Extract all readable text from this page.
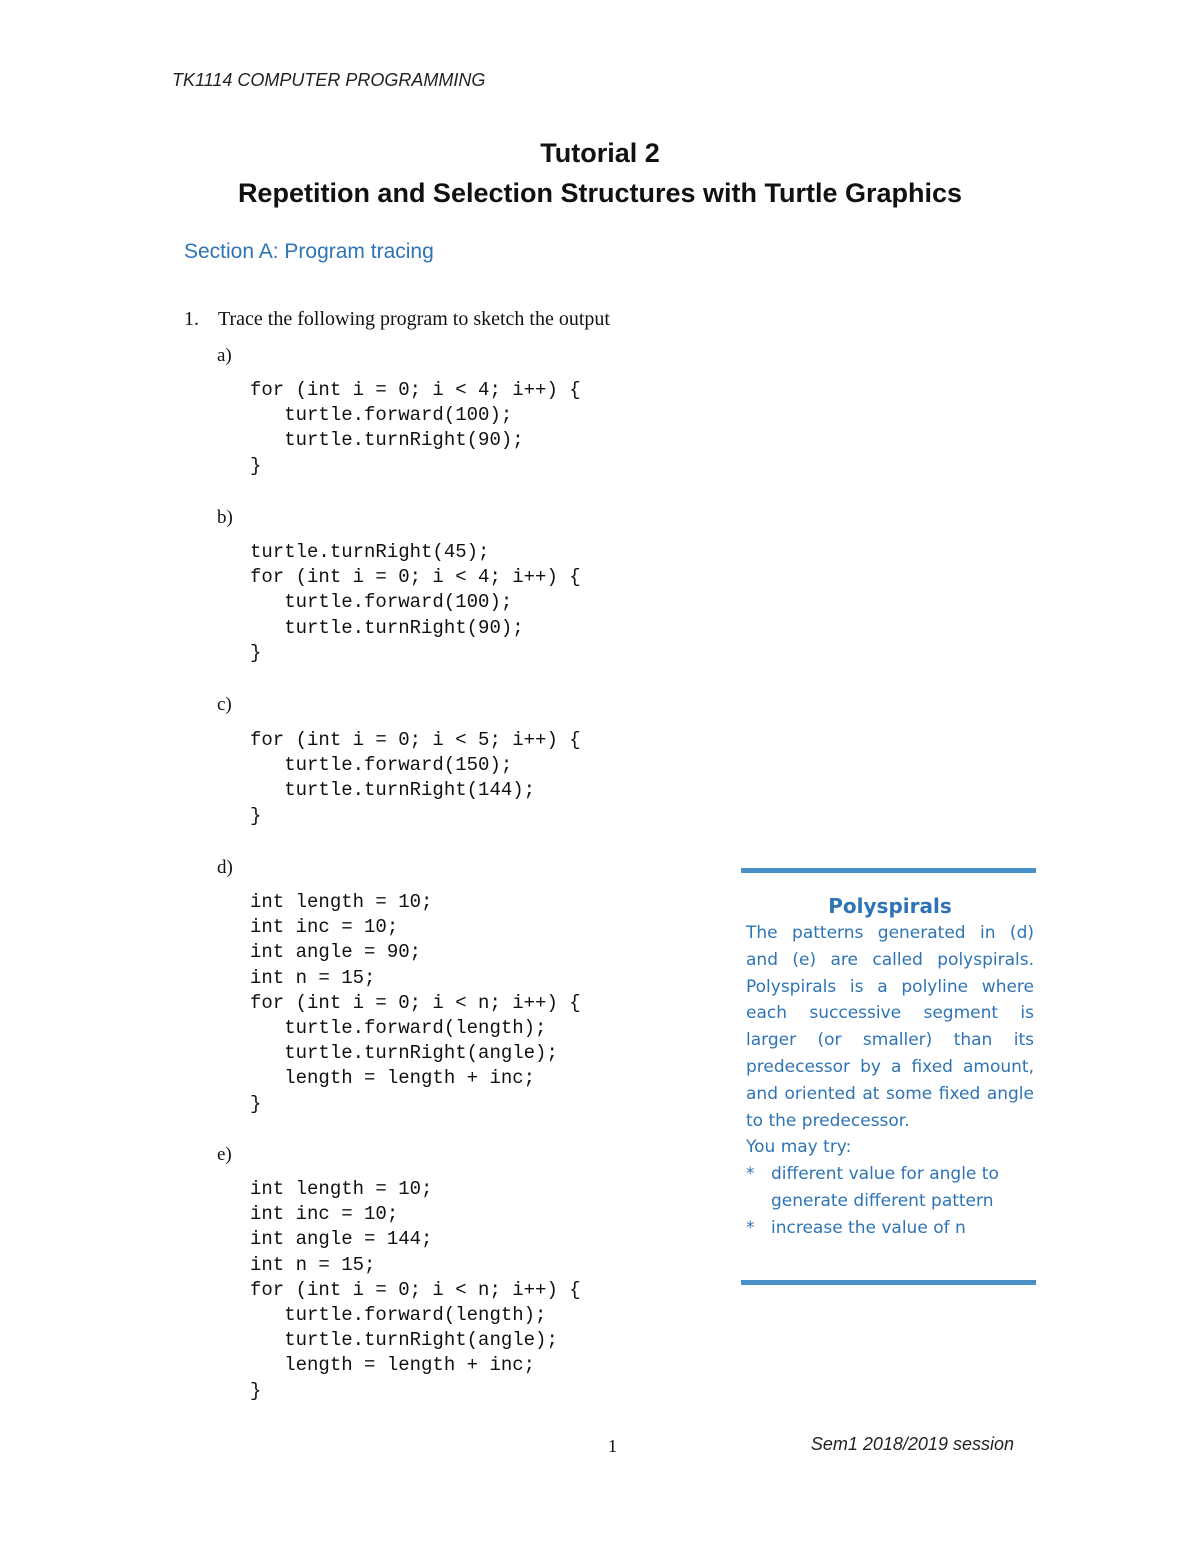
TK1114 COMPUTER PROGRAMMING
Tutorial 2
Repetition and Selection Structures with Turtle Graphics
Section A: Program tracing
1. Trace the following program to sketch the output
a)
for (int i = 0; i < 4; i++) {
turtle.forward(100);
turtle.turnRight(90);
}
b)
turtle.turnRight(45);
for (int i = 0; i < 4; i++) {
turtle.forward(100);
turtle.turnRight(90);
}
c)
for (int i = 0; i < 5; i++) {
turtle.forward(150);
turtle.turnRight(144);
}
d)
int length = 10;
int inc = 10;
int angle = 90;
int n = 15;
for (int i = 0; i < n; i++) {
turtle.forward(length);
turtle.turnRight(angle);
length = length + inc;
}
e)
int length = 10;
int inc = 10;
int angle = 144;
int n = 15;
for (int i = 0; i < n; i++) {
turtle.forward(length);
turtle.turnRight(angle);
length = length + inc;
}
Polyspirals
The patterns generated in (d) and (e) are called polyspirals. Polyspirals is a polyline where each successive segment is larger (or smaller) than its predecessor by a fixed amount, and oriented at some fixed angle to the predecessor.
You may try:
* different value for angle to generate different pattern
* increase the value of n
1	Sem1 2018/2019 session
